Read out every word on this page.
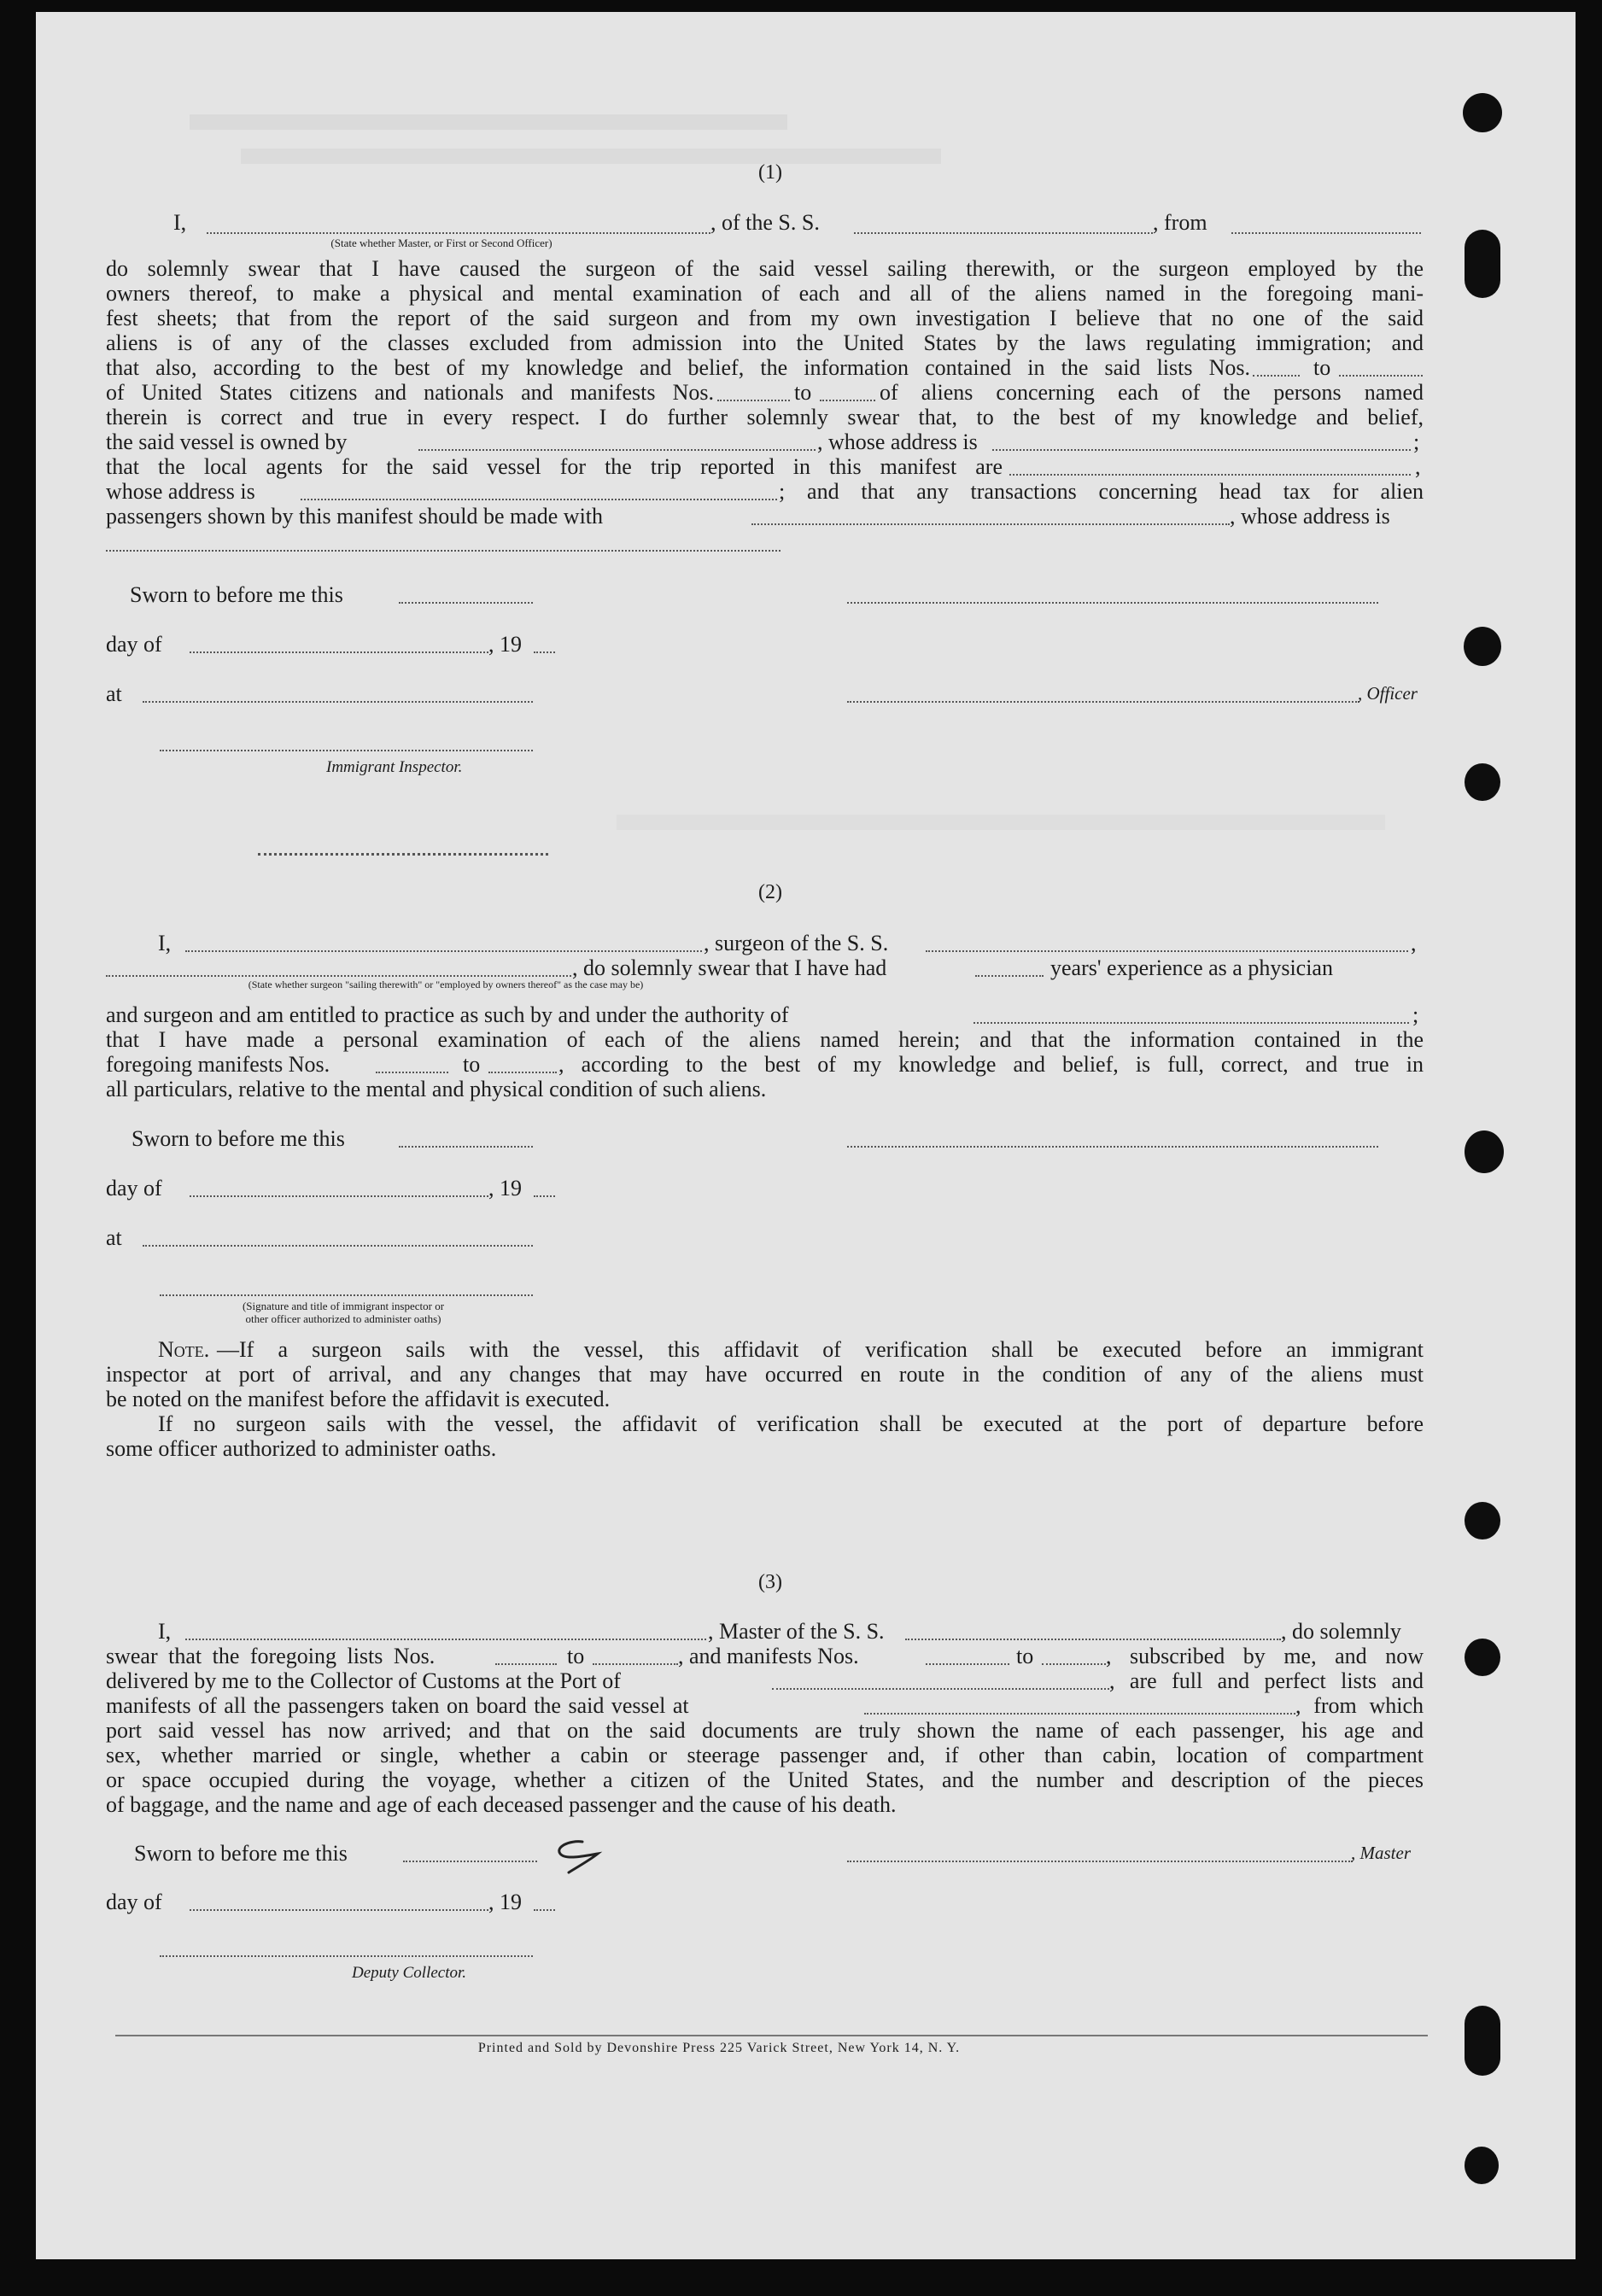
(1)
I,	, of the S. S.	, from
(State whether Master, or First or Second Officer)
do solemnly swear that I have caused the surgeon of the said vessel sailing therewith, or the surgeon employed by the
owners thereof, to make a physical and mental examination of each and all of the aliens named in the foregoing mani-
fest sheets; that from the report of the said surgeon and from my own investigation I believe that no one of the said
aliens is of any of the classes excluded from admission into the United States by the laws regulating immigration; and
that also, according to the best of my knowledge and belief, the information contained in the said lists Nos.	to
of United States citizens and nationals and manifests Nos.	to	of aliens concerning each of the persons named
therein is correct and true in every respect. I do further solemnly swear that, to the best of my knowledge and belief,
the said vessel is owned by	, whose address is	;
that the local agents for the said vessel for the trip reported in this manifest are	,
whose address is	; and that any transactions concerning head tax for alien
passengers shown by this manifest should be made with	, whose address is
Sworn to before me this
day of	, 19
at	, Officer
Immigrant Inspector.
(2)
I,	, surgeon of the S. S.	,
, do solemnly swear that I have had	years' experience as a physician
(State whether surgeon "sailing therewith" or "employed by owners thereof" as the case may be)
and surgeon and am entitled to practice as such by and under the authority of	;
that I have made a personal examination of each of the aliens named herein; and that the information contained in the
foregoing manifests Nos.	to	, according to the best of my knowledge and belief, is full, correct, and true in
all particulars, relative to the mental and physical condition of such aliens.
Sworn to before me this
day of	, 19
at
(Signature and title of immigrant inspector or
other officer authorized to administer oaths)
Note. —If a surgeon sails with the vessel, this affidavit of verification shall be executed before an immigrant
inspector at port of arrival, and any changes that may have occurred en route in the condition of any of the aliens must
be noted on the manifest before the affidavit is executed.
If no surgeon sails with the vessel, the affidavit of verification shall be executed at the port of departure before
some officer authorized to administer oaths.
(3)
I,	, Master of the S. S.	, do solemnly
swear that the foregoing lists Nos.	to	, and manifests Nos.	to	, subscribed by me, and now
delivered by me to the Collector of Customs at the Port of	, are full and perfect lists and
manifests of all the passengers taken on board the said vessel at	, from which
port said vessel has now arrived; and that on the said documents are truly shown the name of each passenger, his age and
sex, whether married or single, whether a cabin or steerage passenger and, if other than cabin, location of compartment
or space occupied during the voyage, whether a citizen of the United States, and the number and description of the pieces
of baggage, and the name and age of each deceased passenger and the cause of his death.
Sworn to before me this	, Master
day of	, 19
Deputy Collector.
Printed and Sold by Devonshire Press 225 Varick Street, New York 14, N. Y.
